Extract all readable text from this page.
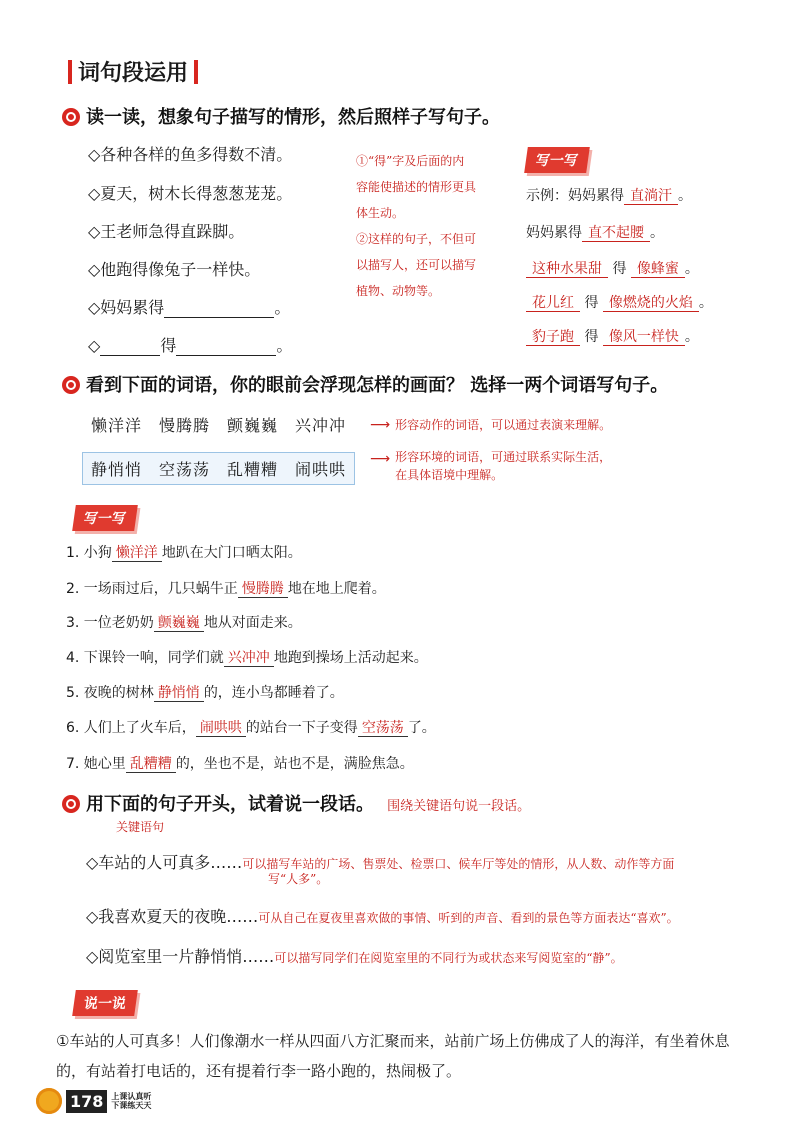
词句段运用
读一读，想象句子描写的情形，然后照样子写句子。
◇各种各样的鱼多得数不清。
◇夏天，树木长得葱葱茏茏。
◇王老师急得直跺脚。
◇他跑得像兔子一样快。
◇妈妈累得	。
◇	得	。
①“得”字及后面的内
容能使描述的情形更具
体生动。
②这样的句子，不但可
以描写人，还可以描写
植物、动物等。
写一写
示例：妈妈累得 直淌汗 。
妈妈累得 直不起腰 。
这种水果甜 得 像蜂蜜 。
花儿红 得 像燃烧的火焰 。
豹子跑 得 像风一样快 。
看到下面的词语，你的眼前会浮现怎样的画面？ 选择一两个词语写句子。
懒洋洋　慢腾腾　颤巍巍　兴冲冲	⟶ 形容动作的词语，可以通过表演来理解。
静悄悄　空荡荡　乱糟糟　闹哄哄
⟶ 形容环境的词语，可通过联系实际生活，
在具体语境中理解。
写一写
1. 小狗 懒洋洋 地趴在大门口晒太阳。
2. 一场雨过后，几只蜗牛正 慢腾腾 地在地上爬着。
3. 一位老奶奶 颤巍巍 地从对面走来。
4. 下课铃一响，同学们就 兴冲冲 地跑到操场上活动起来。
5. 夜晚的树林 静悄悄 的，连小鸟都睡着了。
6. 人们上了火车后， 闹哄哄 的站台一下子变得 空荡荡 了。
7. 她心里 乱糟糟 的，坐也不是，站也不是，满脸焦急。
用下面的句子开头，试着说一段话。 围绕关键语句说一段话。
关键语句
◇车站的人可真多……可以描写车站的广场、售票处、检票口、候车厅等处的情形，从人数、动作等方面
写“人多”。
◇我喜欢夏天的夜晚……可从自己在夏夜里喜欢做的事情、听到的声音、看到的景色等方面表达“喜欢”。
◇阅览室里一片静悄悄……可以描写同学们在阅览室里的不同行为或状态来写阅览室的“静”。
说一说
①车站的人可真多！人们像潮水一样从四面八方汇聚而来，站前广场上仿佛成了人的海洋，有坐着休息的，有站着打电话的，还有提着行李一路小跑的，热闹极了。
178	上课认真听
下课练天天
